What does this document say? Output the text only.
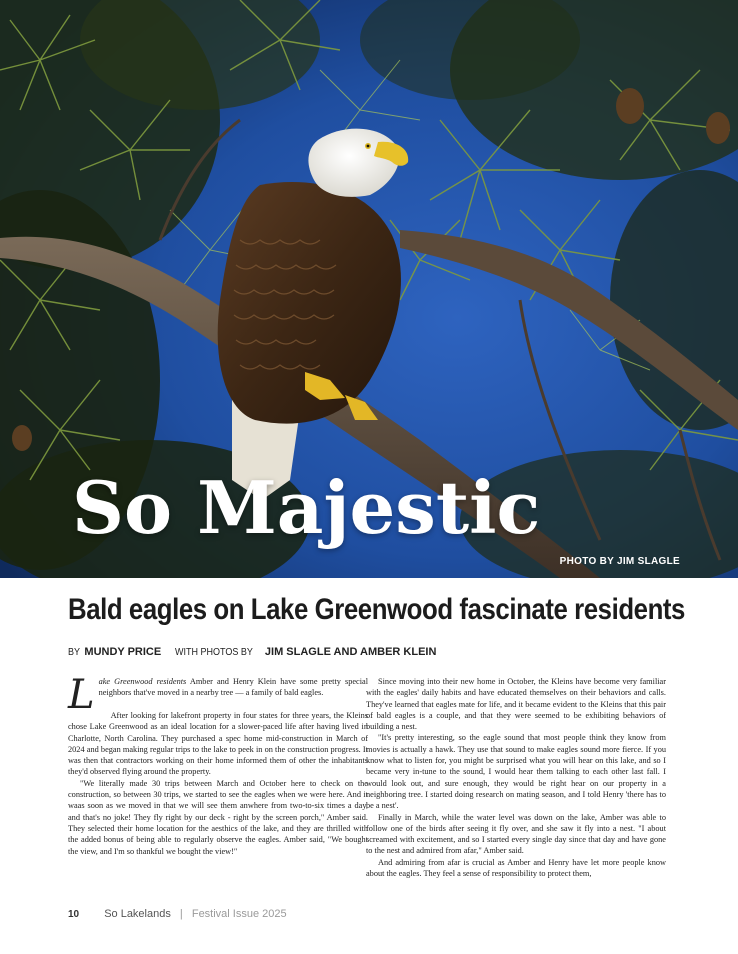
So Majestic
PHOTO BY JIM SLAGLE
Bald eagles on Lake Greenwood fascinate residents
BY MUNDY PRICE WITH PHOTOS BY JIM SLAGLE AND AMBER KLEIN

Lake Greenwood residents Amber and Henry Klein have some pretty special neighbors that've moved in a nearby tree — a family of bald eagles.

After looking for lakefront property in four states for three years, the Kleins chose Lake Greenwood as an ideal location for a slower-paced life after having lived in Charlotte, North Carolina. They purchased a spec home mid-construction in March of 2024 and began making regular trips to the lake to peek in on the construction progress. It was then that contractors working on their home informed them of other the inhabitants they'd observed flying around the property.

"We literally made 30 trips between March and October here to check on the construction, so between 30 trips, we started to see the eagles when we were here. And it waas soon as we moved in that we will see them anwhere from two-to-six times a day, and that's no joke! They fly right by our deck - right by the screen porch," Amber said. They selected their home location for the aesthics of the lake, and they are thrilled with the added bonus of being able to regularly observe the eagles. Amber said, "We bought the view, and I'm so thankful we bought the view!"

Since moving into their new home in October, the Kleins have become very familiar with the eagles' daily habits and have educated themselves on their behaviors and calls. They've learned that eagles mate for life, and it became evident to the Kleins that this pair of bald eagles is a couple, and that they were seemed to be exhibiting behaviors of building a nest.

"It's pretty interesting, so the eagle sound that most people think they know from movies is actually a hawk. They use that sound to make eagles sound more fierce. If you know what to listen for, you might be surprised what you will hear on this lake, and so I became very in-tune to the sound, I would hear them talking to each other last fall. I would look out, and sure enough, they would be right hear on our property in a neighboring tree. I started doing research on mating season, and I told Henry 'there has to be a nest'.

Finally in March, while the water level was down on the lake, Amber was able to follow one of the birds after seeing it fly over, and she saw it fly into a nest. "I about screamed with excitement, and so I started every single day since that day and have gone to the nest and admired from afar," Amber said.

And admiring from afar is crucial as Amber and Henry have let more people know about the eagles. They feel a sense of responsibility to protect them,

10 So Lakelands | Festival Issue 2025
